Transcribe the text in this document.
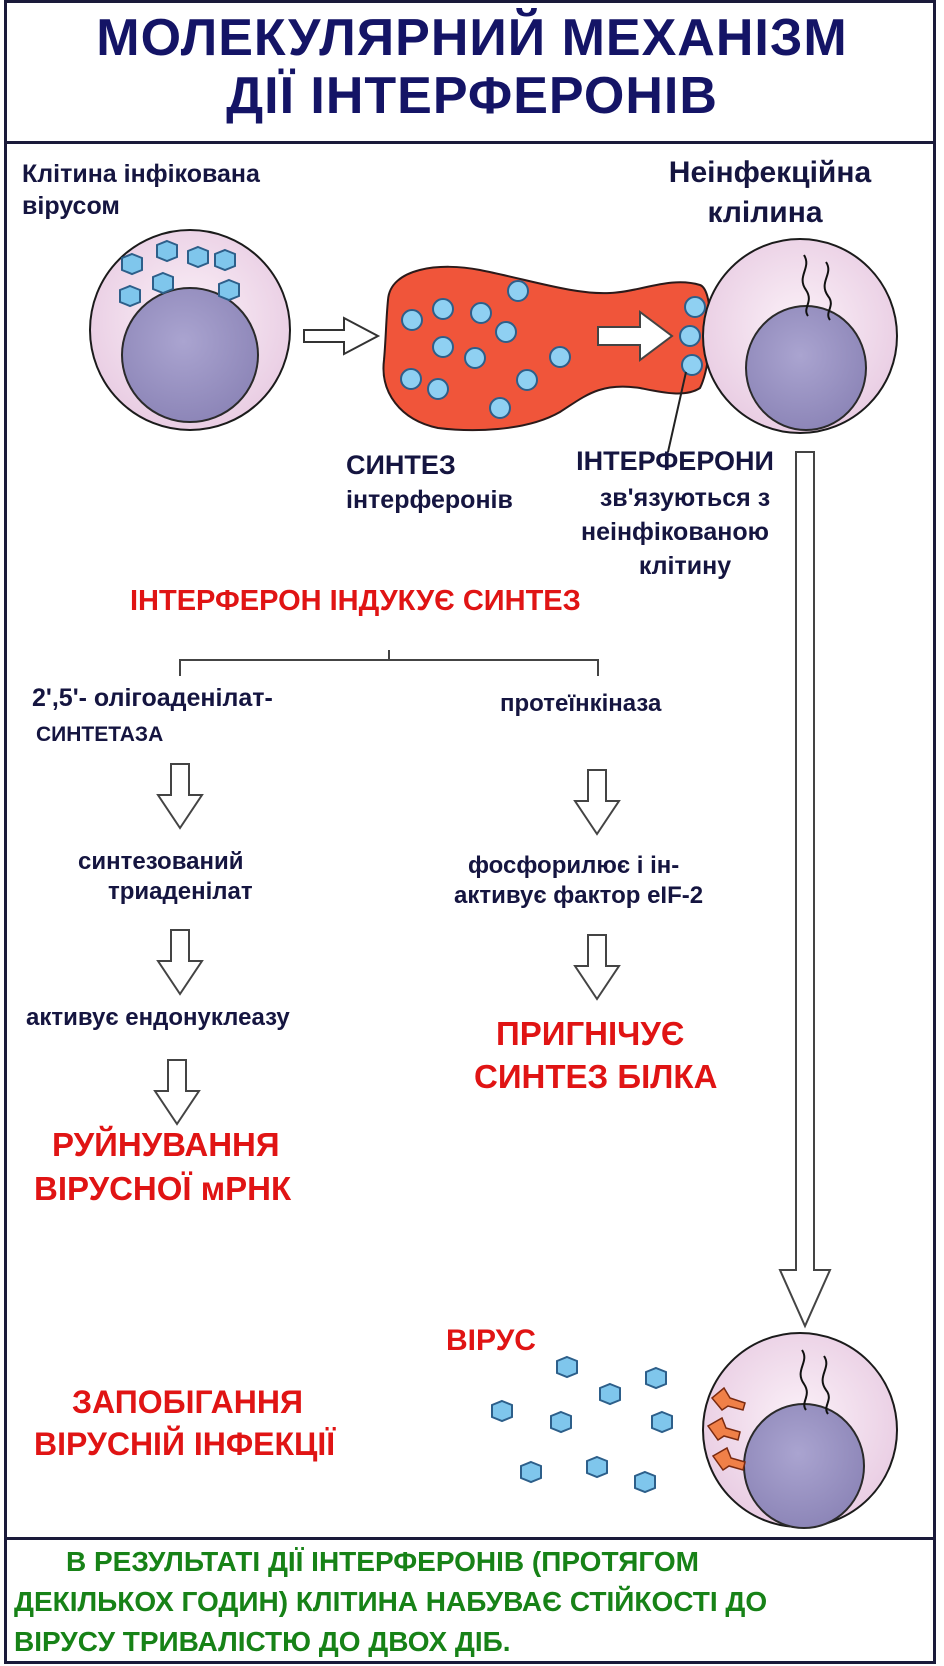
МОЛЕКУЛЯРНИЙ МЕХАНІЗМ
ДІЇ ІНТЕРФЕРОНІВ
Клітина інфікована
вірусом
Неінфекційна
клілина
СИНТЕЗ
інтерферонів
ІНТЕРФЕРОНИ
зв'язуються з
неінфікованою
клітину
ІНТЕРФЕРОН ІНДУКУЄ СИНТЕЗ
2',5'- олігоаденілат-
СИНТЕТАЗА
синтезований
триаденілат
активує ендонуклеазу
РУЙНУВАННЯ
ВІРУСНОЇ мРНК
протеїнкіназа
фосфорилює і ін-
активує фактор eIF-2
ПРИГНІЧУЄ
СИНТЕЗ БІЛКА
ВІРУС
ЗАПОБІГАННЯ
ВІРУСНІЙ ІНФЕКЦІЇ
В РЕЗУЛЬТАТІ ДІЇ ІНТЕРФЕРОНІВ (ПРОТЯГОМ
ДЕКІЛЬКОХ ГОДИН) КЛІТИНА НАБУВАЄ СТІЙКОСТІ ДО
ВІРУСУ ТРИВАЛІСТЮ ДО ДВОХ ДІБ.
